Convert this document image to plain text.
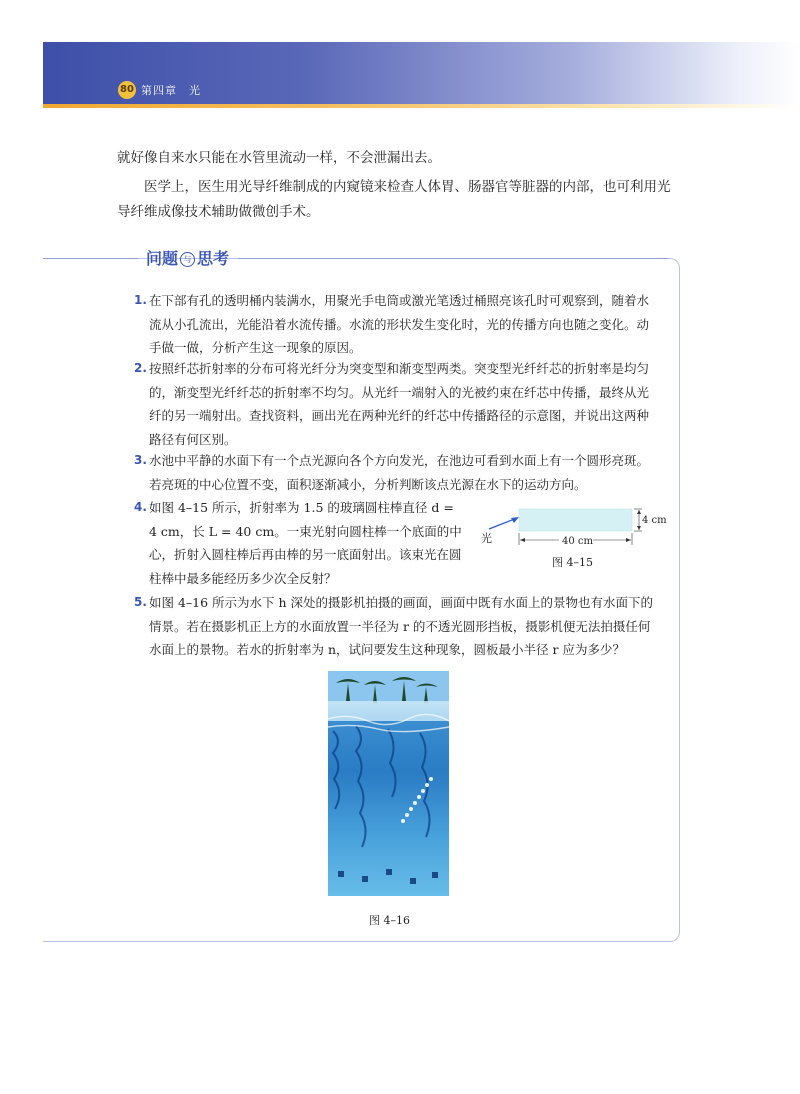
80 第四章　光
就好像自来水只能在水管里流动一样，不会泄漏出去。
医学上，医生用光导纤维制成的内窥镜来检查人体胃、肠器官等脏器的内部，也可利用光导纤维成像技术辅助做微创手术。
问题 与 思考
1. 在下部有孔的透明桶内装满水，用聚光手电筒或激光笔透过桶照亮该孔时可观察到，随着水流从小孔流出，光能沿着水流传播。水流的形状发生变化时，光的传播方向也随之变化。动手做一做，分析产生这一现象的原因。
2. 按照纤芯折射率的分布可将光纤分为突变型和渐变型两类。突变型光纤纤芯的折射率是均匀的，渐变型光纤纤芯的折射率不均匀。从光纤一端射入的光被约束在纤芯中传播，最终从光纤的另一端射出。查找资料，画出光在两种光纤的纤芯中传播路径的示意图，并说出这两种路径有何区别。
3. 水池中平静的水面下有一个点光源向各个方向发光，在池边可看到水面上有一个圆形亮斑。若亮斑的中心位置不变，面积逐渐减小，分析判断该点光源在水下的运动方向。
4. 如图 4–15 所示，折射率为 1.5 的玻璃圆柱棒直径 d = 4 cm，长 L = 40 cm。一束光射向圆柱棒一个底面的中心，折射入圆柱棒后再由棒的另一底面射出。该束光在圆柱棒中最多能经历多少次全反射？
光	40 cm
4 cm
图 4–15
5. 如图 4–16 所示为水下 h 深处的摄影机拍摄的画面，画面中既有水面上的景物也有水面下的情景。若在摄影机正上方的水面放置一半径为 r 的不透光圆形挡板，摄影机便无法拍摄任何水面上的景物。若水的折射率为 n，试问要发生这种现象，圆板最小半径 r 应为多少？
图 4–16
